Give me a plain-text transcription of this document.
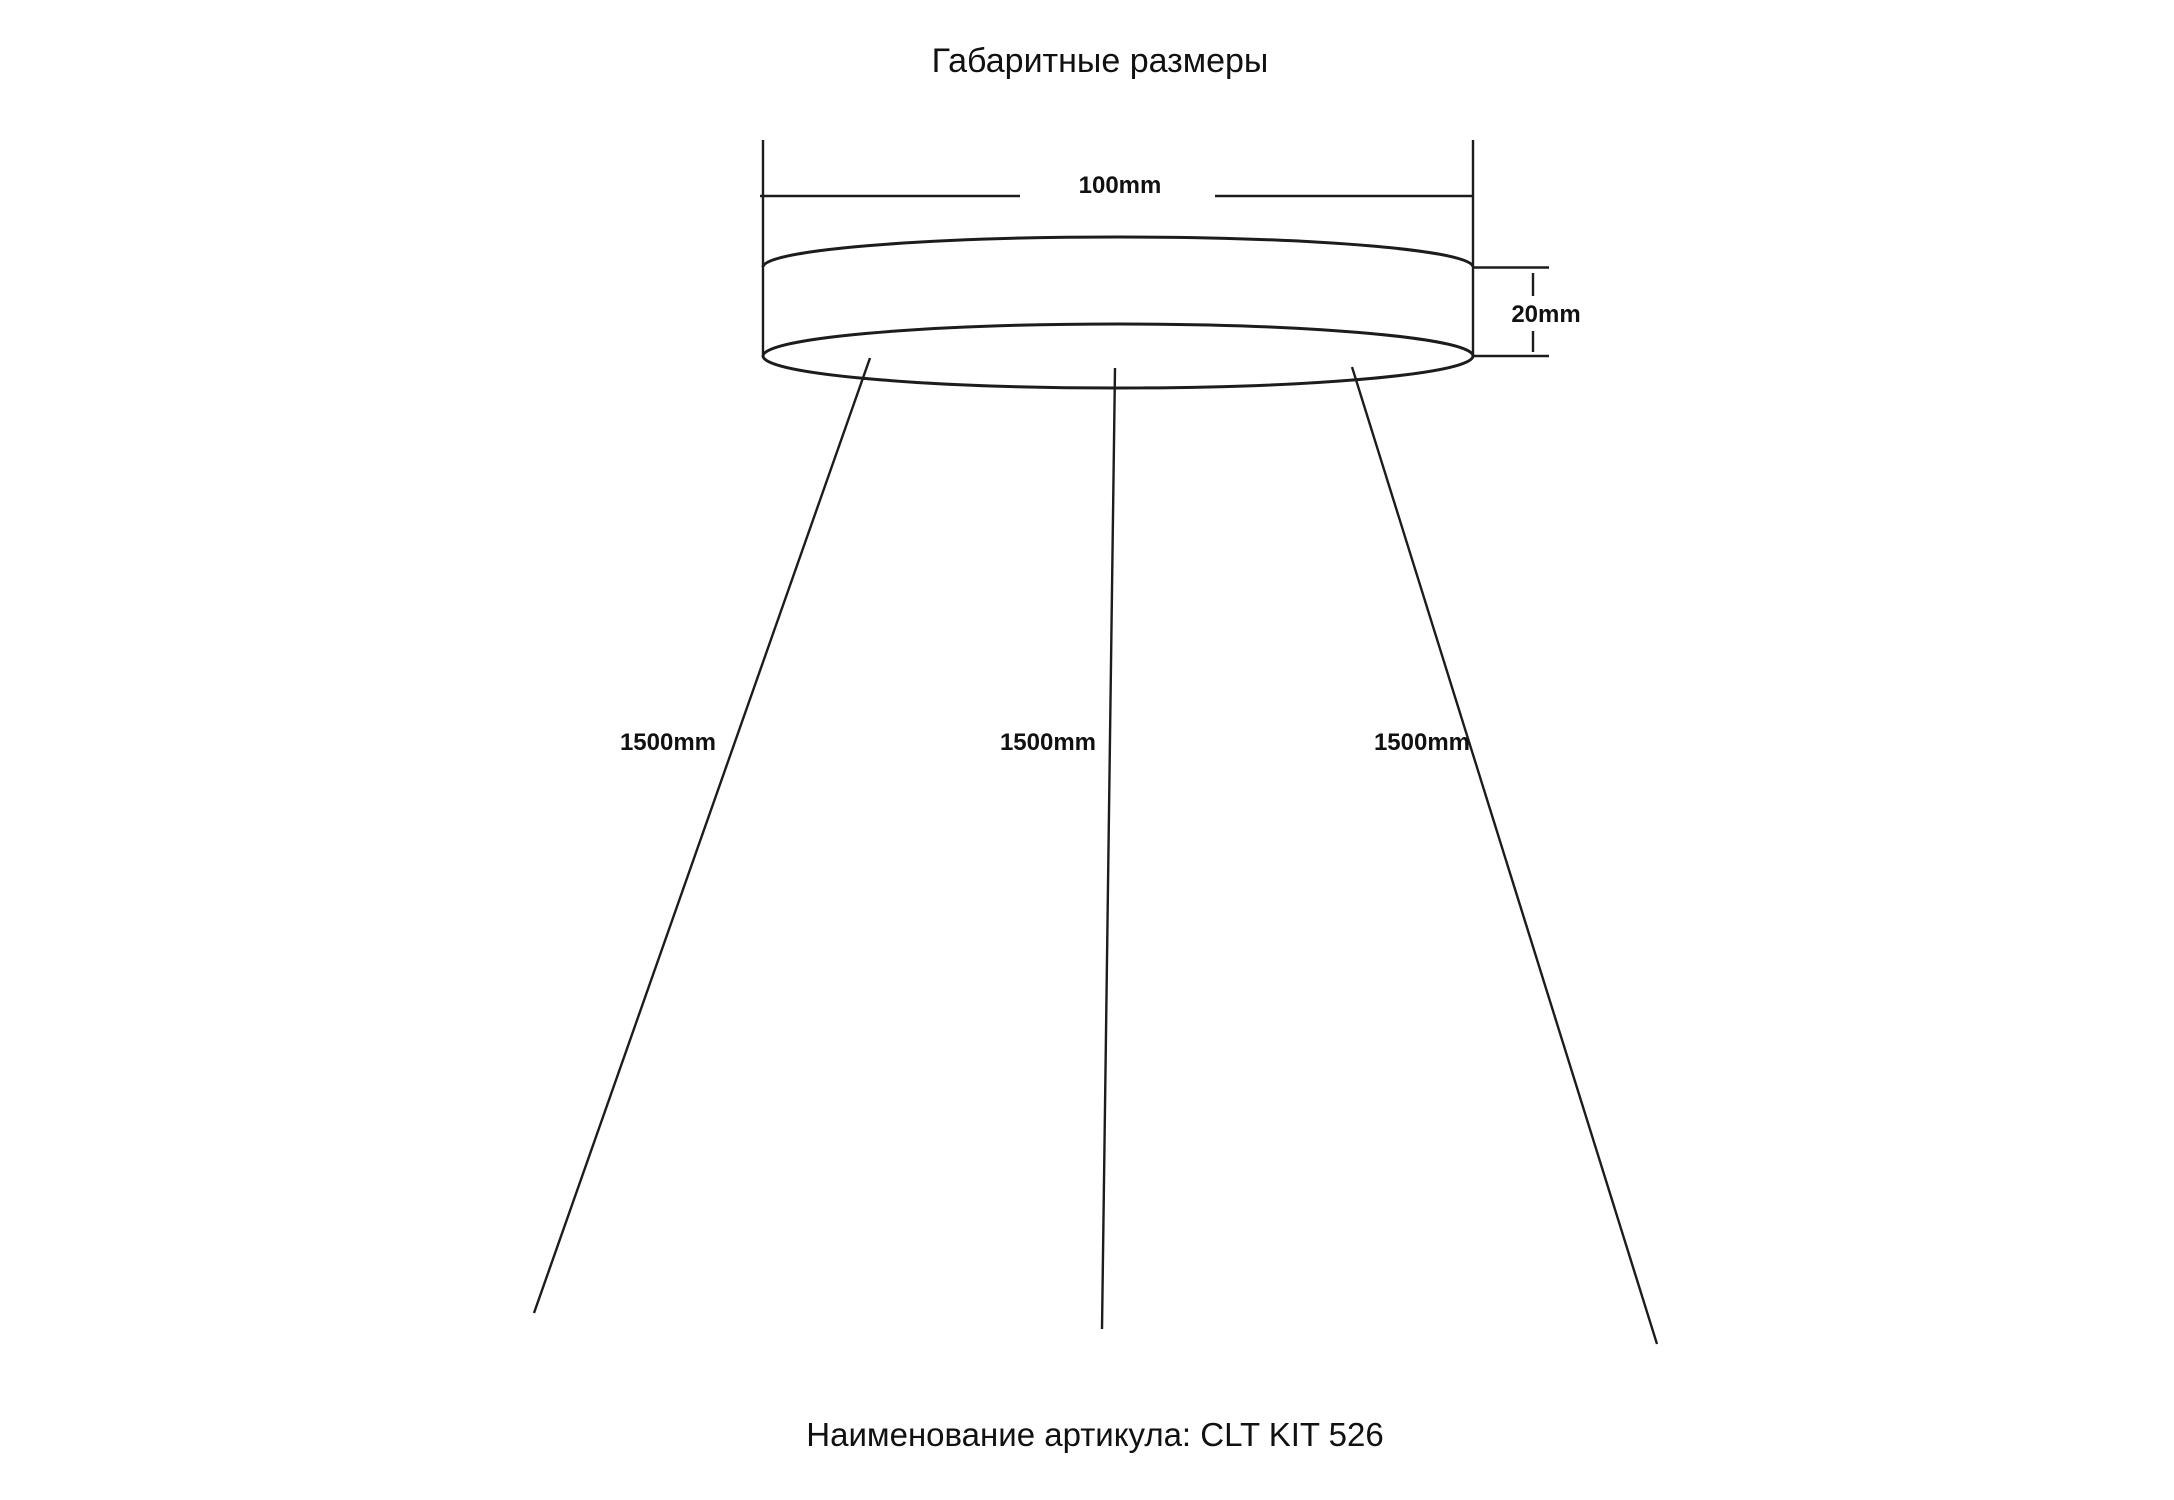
Габаритные размеры
100mm
20mm
1500mm	1500mm	1500mm
Наименование артикула: CLT KIT 526
